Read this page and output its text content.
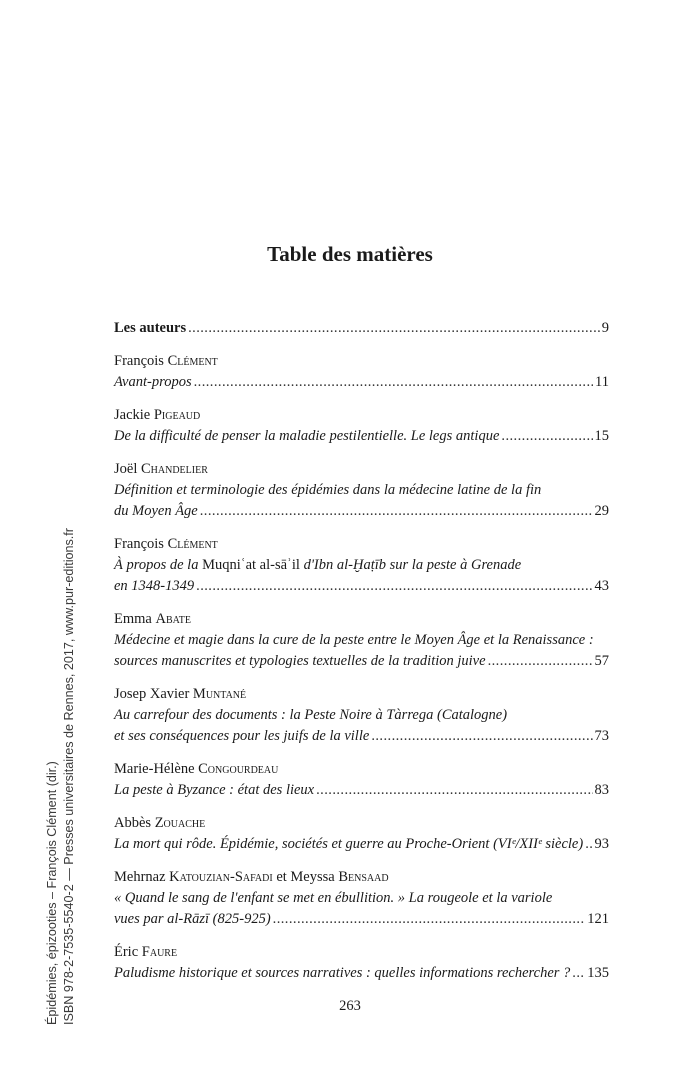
Épidémies, épizooties – François Clément (dir.) ISBN 978-2-7535-5540-2 — Presses universitaires de Rennes, 2017, www.pur-editions.fr
Table des matières
Les auteurs . . .	9
François Clément
Avant-propos . . .	11
Jackie Pigeaud
De la difficulté de penser la maladie pestilentielle. Le legs antique . . .	15
Joël Chandelier
Définition et terminologie des épidémies dans la médecine latine de la fin
du Moyen Âge . . .	29
François Clément
À propos de la Muqniʿat al-sāʾil d'Ibn al-Ḫaṭīb sur la peste à Grenade
en 1348-1349 . . .	43
Emma Abate
Médecine et magie dans la cure de la peste entre le Moyen Âge et la Renaissance :
sources manuscrites et typologies textuelles de la tradition juive . . .	57
Josep Xavier Muntané
Au carrefour des documents : la Peste Noire à Tàrrega (Catalogne)
et ses conséquences pour les juifs de la ville . . .	73
Marie-Hélène Congourdeau
La peste à Byzance : état des lieux . . .	83
Abbès Zouache
La mort qui rôde. Épidémie, sociétés et guerre au Proche-Orient (VIᵉ/XIIᵉ siècle) . . . 93
Mehrnaz Katouzian-Safadi et Meyssa Bensaad
« Quand le sang de l'enfant se met en ébullition. » La rougeole et la variole
vues par al-Rāzī (825-925) . . .	121
Éric Faure
Paludisme historique et sources narratives : quelles informations rechercher ? . . . 135
263
